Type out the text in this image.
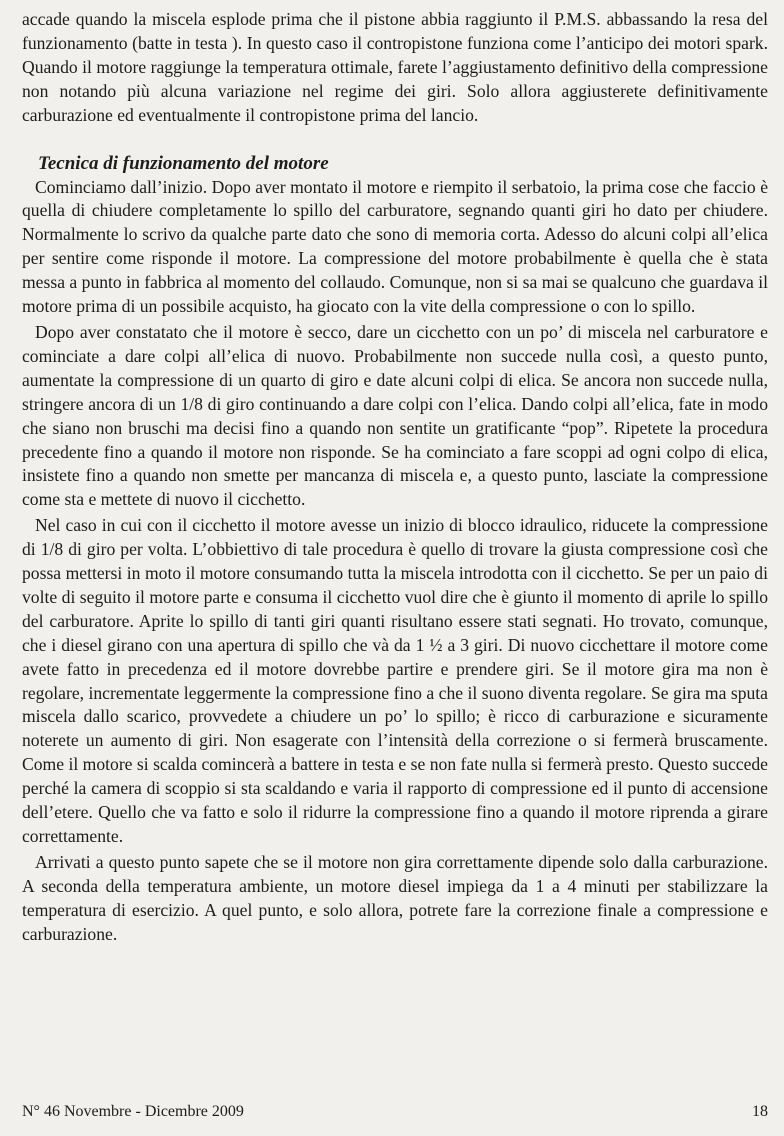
accade quando la miscela esplode prima che il pistone abbia raggiunto il P.M.S. abbassando la resa del funzionamento (batte in testa ). In questo caso il contropistone funziona come l’anticipo dei motori spark. Quando il motore raggiunge la temperatura ottimale, farete l’aggiustamento definitivo della compressione non notando più alcuna variazione nel regime dei giri. Solo allora aggiusterete definitivamente carburazione ed eventualmente il contropistone prima del lancio.

Tecnica di funzionamento del motore

Cominciamo dall’inizio. Dopo aver montato il motore e riempito il serbatoio, la prima cose che faccio è quella di chiudere completamente lo spillo del carburatore, segnando quanti giri ho dato per chiudere. Normalmente lo scrivo da qualche parte dato che sono di memoria corta. Adesso do alcuni colpi all’elica per sentire come risponde il motore. La compressione del motore probabilmente è quella che è stata messa a punto in fabbrica al momento del collaudo. Comunque, non si sa mai se qualcuno che guardava il motore prima di un possibile acquisto, ha giocato con la vite della compressione o con lo spillo.

Dopo aver constatato che il motore è secco, dare un cicchetto con un po’ di miscela nel carburatore e cominciate a dare colpi all’elica di nuovo. Probabilmente non succede nulla così, a questo punto, aumentate la compressione di un quarto di giro e date alcuni colpi di elica. Se ancora non succede nulla, stringere ancora di un 1/8 di giro continuando a dare colpi con l’elica. Dando colpi all’elica, fate in modo che siano non bruschi ma decisi fino a quando non sentite un gratificante “pop”. Ripetete la procedura precedente fino a quando il motore non risponde. Se ha cominciato a fare scoppi ad ogni colpo di elica, insistete fino a quando non smette per mancanza di miscela e, a questo punto, lasciate la compressione come sta e mettete di nuovo il cicchetto.

Nel caso in cui con il cicchetto il motore avesse un inizio di blocco idraulico, riducete la compressione di 1/8 di giro per volta. L’obbiettivo di tale procedura è quello di trovare la giusta compressione così che possa mettersi in moto il motore consumando tutta la miscela introdotta con il cicchetto. Se per un paio di volte di seguito il motore parte e consuma il cicchetto vuol dire che è giunto il momento di aprile lo spillo del carburatore. Aprite lo spillo di tanti giri quanti risultano essere stati segnati. Ho trovato, comunque, che i diesel girano con una apertura di spillo che và da 1 ½ a 3 giri. Di nuovo cicchettare il motore come avete fatto in precedenza ed il motore dovrebbe partire e prendere giri. Se il motore gira ma non è regolare, incrementate leggermente la compressione fino a che il suono diventa regolare. Se gira ma sputa miscela dallo scarico, provvedete a chiudere un po’ lo spillo; è ricco di carburazione e sicuramente noterete un aumento di giri. Non esagerate con l’intensità della correzione o si fermerà bruscamente. Come il motore si scalda comincerà a battere in testa e se non fate nulla si fermerà presto. Questo succede perché la camera di scoppio si sta scaldando e varia il rapporto di compressione ed il punto di accensione dell’etere. Quello che va fatto e solo il ridurre la compressione fino a quando il motore riprenda a girare correttamente.

Arrivati a questo punto sapete che se il motore non gira correttamente dipende solo dalla carburazione. A seconda della temperatura ambiente, un motore diesel impiega da 1 a 4 minuti per stabilizzare la temperatura di esercizio. A quel punto, e solo allora, potrete fare la correzione finale a compressione e carburazione.

N° 46 Novembre - Dicembre 2009	18
